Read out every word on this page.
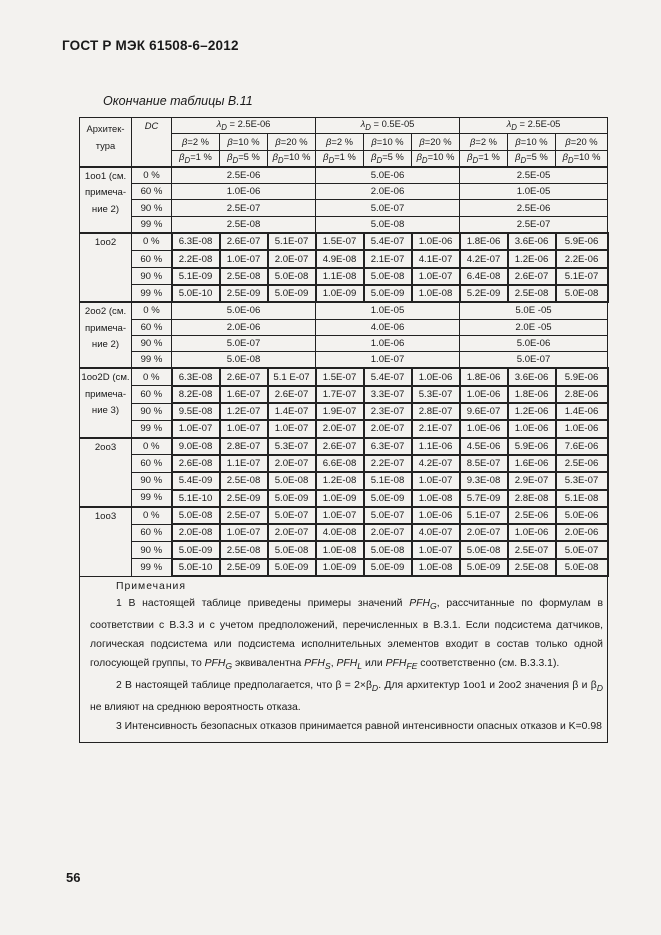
ГОСТ Р МЭК 61508-6–2012
Окончание таблицы В.11
Архитек-тура	DC	$\lambda_D = 2.5E-06$			$\lambda_D = 0.5E-05$			$\lambda_D = 2.5E-05$		
		β=2 %	β=10 %	β=20 %	β=2 %	β=10 %	β=20 %	β=2 %	β=10 %	β=20 %
		$\beta_D=1$ %	$\beta_D=5$ %	$\beta_D=10$ %	$\beta_D=1$ %	$\beta_D=5$ %	$\beta_D=10$ %	$\beta_D=1$ %	$\beta_D=5$ %	$\beta_D=10$ %
1oo1 (см. примеча-ние 2)	0 %	2.5E-06			5.0E-06			2.5E-05		
	60 %	1.0E-06			2.0E-06			1.0E-05		
	90 %	2.5E-07			5.0E-07			2.5E-06		
	99 %	2.5E-08			5.0E-08			2.5E-07		
1oo2	0 %	6.3E-08	2.6E-07	5.1E-07	1.5E-07	5.4E-07	1.0E-06	1.8E-06	3.6E-06	5.9E-06
	60 %	2.2E-08	1.0E-07	2.0E-07	4.9E-08	2.1E-07	4.1E-07	4.2E-07	1.2E-06	2.2E-06
	90 %	5.1E-09	2.5E-08	5.0E-08	1.1E-08	5.0E-08	1.0E-07	6.4E-08	2.6E-07	5.1E-07
	99 %	5.0E-10	2.5E-09	5.0E-09	1.0E-09	5.0E-09	1.0E-08	5.2E-09	2.5E-08	5.0E-08
2oo2 (см. примеча-ние 2)	0 %	5.0E-06			1.0E-05			5.0E -05		
	60 %	2.0E-06			4.0E-06			2.0E -05		
	90 %	5.0E-07			1.0E-06			5.0E-06		
	99 %	5.0E-08			1.0E-07			5.0E-07		
1oo2D (см. примеча-ние 3)	0 %	6.3E-08	2.6E-07	5.1 E-07	1.5E-07	5.4E-07	1.0E-06	1.8E-06	3.6E-06	5.9E-06
	60 %	8.2E-08	1.6E-07	2.6E-07	1.7E-07	3.3E-07	5.3E-07	1.0E-06	1.8E-06	2.8E-06
	90 %	9.5E-08	1.2E-07	1.4E-07	1.9E-07	2.3E-07	2.8E-07	9.6E-07	1.2E-06	1.4E-06
	99 %	1.0E-07	1.0E-07	1.0E-07	2.0E-07	2.0E-07	2.1E-07	1.0E-06	1.0E-06	1.0E-06
2oo3	0 %	9.0E-08	2.8E-07	5.3E-07	2.6E-07	6.3E-07	1.1E-06	4.5E-06	5.9E-06	7.6E-06
	60 %	2.6E-08	1.1E-07	2.0E-07	6.6E-08	2.2E-07	4.2E-07	8.5E-07	1.6E-06	2.5E-06
	90 %	5.4E-09	2.5E-08	5.0E-08	1.2E-08	5.1E-08	1.0E-07	9.3E-08	2.9E-07	5.3E-07
	99 %	5.1E-10	2.5E-09	5.0E-09	1.0E-09	5.0E-09	1.0E-08	5.7E-09	2.8E-08	5.1E-08
1oo3	0 %	5.0E-08	2.5E-07	5.0E-07	1.0E-07	5.0E-07	1.0E-06	5.1E-07	2.5E-06	5.0E-06
	60 %	2.0E-08	1.0E-07	2.0E-07	4.0E-08	2.0E-07	4.0E-07	2.0E-07	1.0E-06	2.0E-06
	90 %	5.0E-09	2.5E-08	5.0E-08	1.0E-08	5.0E-08	1.0E-07	5.0E-08	2.5E-07	5.0E-07
	99 %	5.0E-10	2.5E-09	5.0E-09	1.0E-09	5.0E-09	1.0E-08	5.0E-09	2.5E-08	5.0E-08
Примечания

1 В настоящей таблице приведены примеры значений $PFH_G$, рассчитанные по формулам в соответствии с В.3.3 и с учетом предположений, перечисленных в В.3.1. Если подсистема датчиков, логическая подсистема или подсистема исполнительных элементов входит в состав только одной голосующей группы, то $PFH_G$ эквивалентна $PFH_S$, $PFH_L$ или $PFH_{FE}$ соответственно (см. В.3.3.1).

2 В настоящей таблице предполагается, что $\beta = 2\times\beta_D$. Для архитектур 1oo1 и 2oo2 значения β и $\beta_D$ не влияют на среднюю вероятность отказа.

3 Интенсивность безопасных отказов принимается равной интенсивности опасных отказов и K=0.98

56
